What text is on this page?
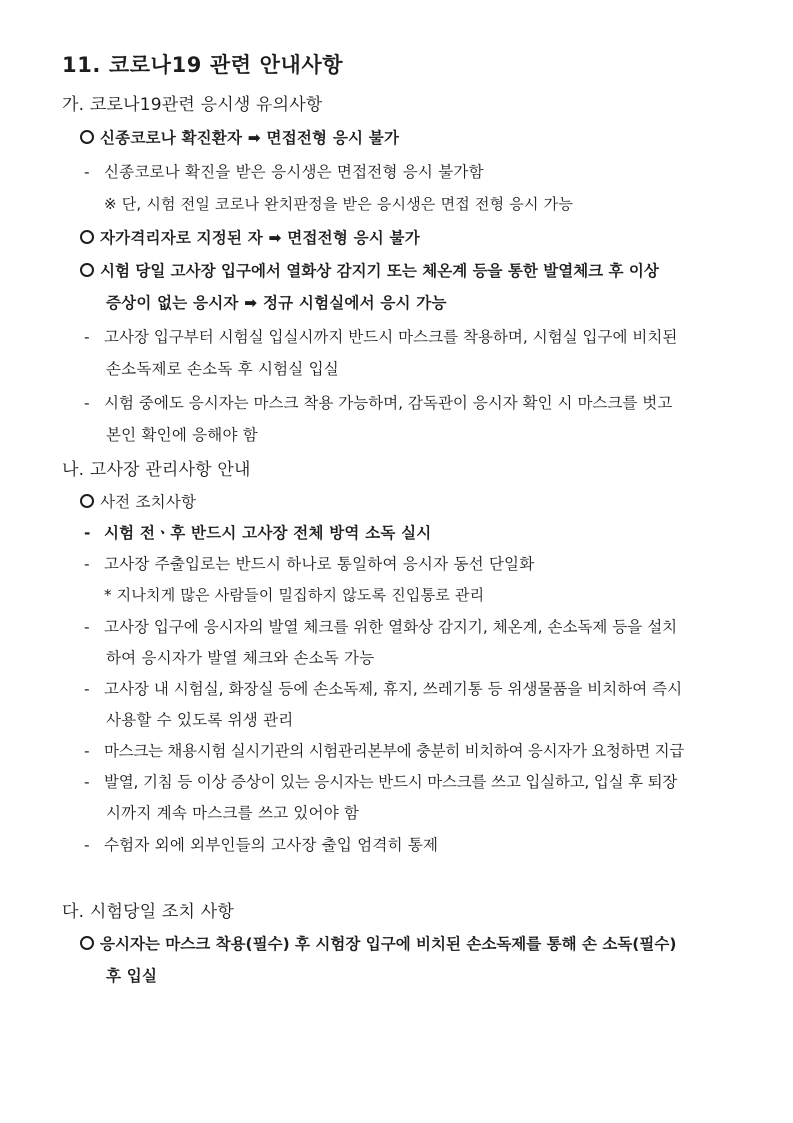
11. 코로나19 관련 안내사항
가. 코로나19관련 응시생 유의사항
신종코로나 확진환자 ➡ 면접전형 응시 불가
- 신종코로나 확진을 받은 응시생은 면접전형 응시 불가함
※ 단, 시험 전일 코로나 완치판정을 받은 응시생은 면접 전형 응시 가능
자가격리자로 지정된 자 ➡ 면접전형 응시 불가
시험 당일 고사장 입구에서 열화상 감지기 또는 체온계 등을 통한 발열체크 후 이상
증상이 없는 응시자 ➡ 정규 시험실에서 응시 가능
- 고사장 입구부터 시험실 입실시까지 반드시 마스크를 착용하며, 시험실 입구에 비치된
손소독제로 손소독 후 시험실 입실
- 시험 중에도 응시자는 마스크 착용 가능하며, 감독관이 응시자 확인 시 마스크를 벗고
본인 확인에 응해야 함
나. 고사장 관리사항 안내
사전 조치사항
- 시험 전ㆍ후 반드시 고사장 전체 방역 소독 실시
- 고사장 주출입로는 반드시 하나로 통일하여 응시자 동선 단일화
* 지나치게 많은 사람들이 밀집하지 않도록 진입통로 관리
- 고사장 입구에 응시자의 발열 체크를 위한 열화상 감지기, 체온계, 손소독제 등을 설치
하여 응시자가 발열 체크와 손소독 가능
- 고사장 내 시험실, 화장실 등에 손소독제, 휴지, 쓰레기통 등 위생물품을 비치하여 즉시
사용할 수 있도록 위생 관리
- 마스크는 채용시험 실시기관의 시험관리본부에 충분히 비치하여 응시자가 요청하면 지급
- 발열, 기침 등 이상 증상이 있는 응시자는 반드시 마스크를 쓰고 입실하고, 입실 후 퇴장
시까지 계속 마스크를 쓰고 있어야 함
- 수험자 외에 외부인들의 고사장 출입 엄격히 통제
다. 시험당일 조치 사항
응시자는 마스크 착용(필수) 후 시험장 입구에 비치된 손소독제를 통해 손 소독(필수)
후 입실
